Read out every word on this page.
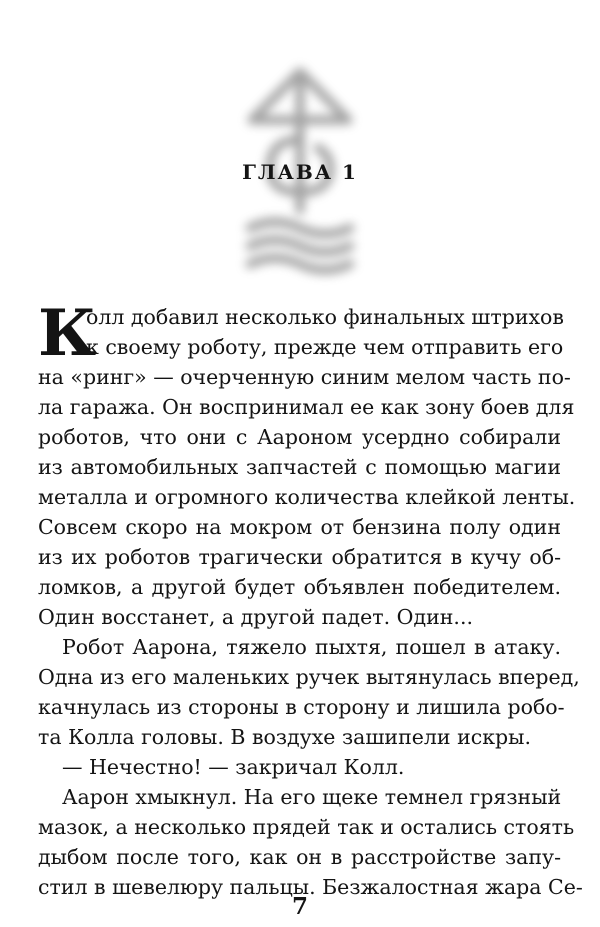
ГЛАВА 1
К
олл добавил несколько финальных штрихов
к своему роботу, прежде чем отправить его
на «ринг» — очерченную синим мелом часть по-
ла гаража. Он воспринимал ее как зону боев для
роботов, что они с Аароном усердно собирали
из автомобильных запчастей с помощью магии
металла и огромного количества клейкой ленты.
Совсем скоро на мокром от бензина полу один
из их роботов трагически обратится в кучу об-
ломков, а другой будет объявлен победителем.
Один восстанет, а другой падет. Один...
Робот Аарона, тяжело пыхтя, пошел в атаку.
Одна из его маленьких ручек вытянулась вперед,
качнулась из стороны в сторону и лишила робо-
та Колла головы. В воздухе зашипели искры.
— Нечестно! — закричал Колл.
Аарон хмыкнул. На его щеке темнел грязный
мазок, а несколько прядей так и остались стоять
дыбом после того, как он в расстройстве запу-
стил в шевелюру пальцы. Безжалостная жара Се-
7
